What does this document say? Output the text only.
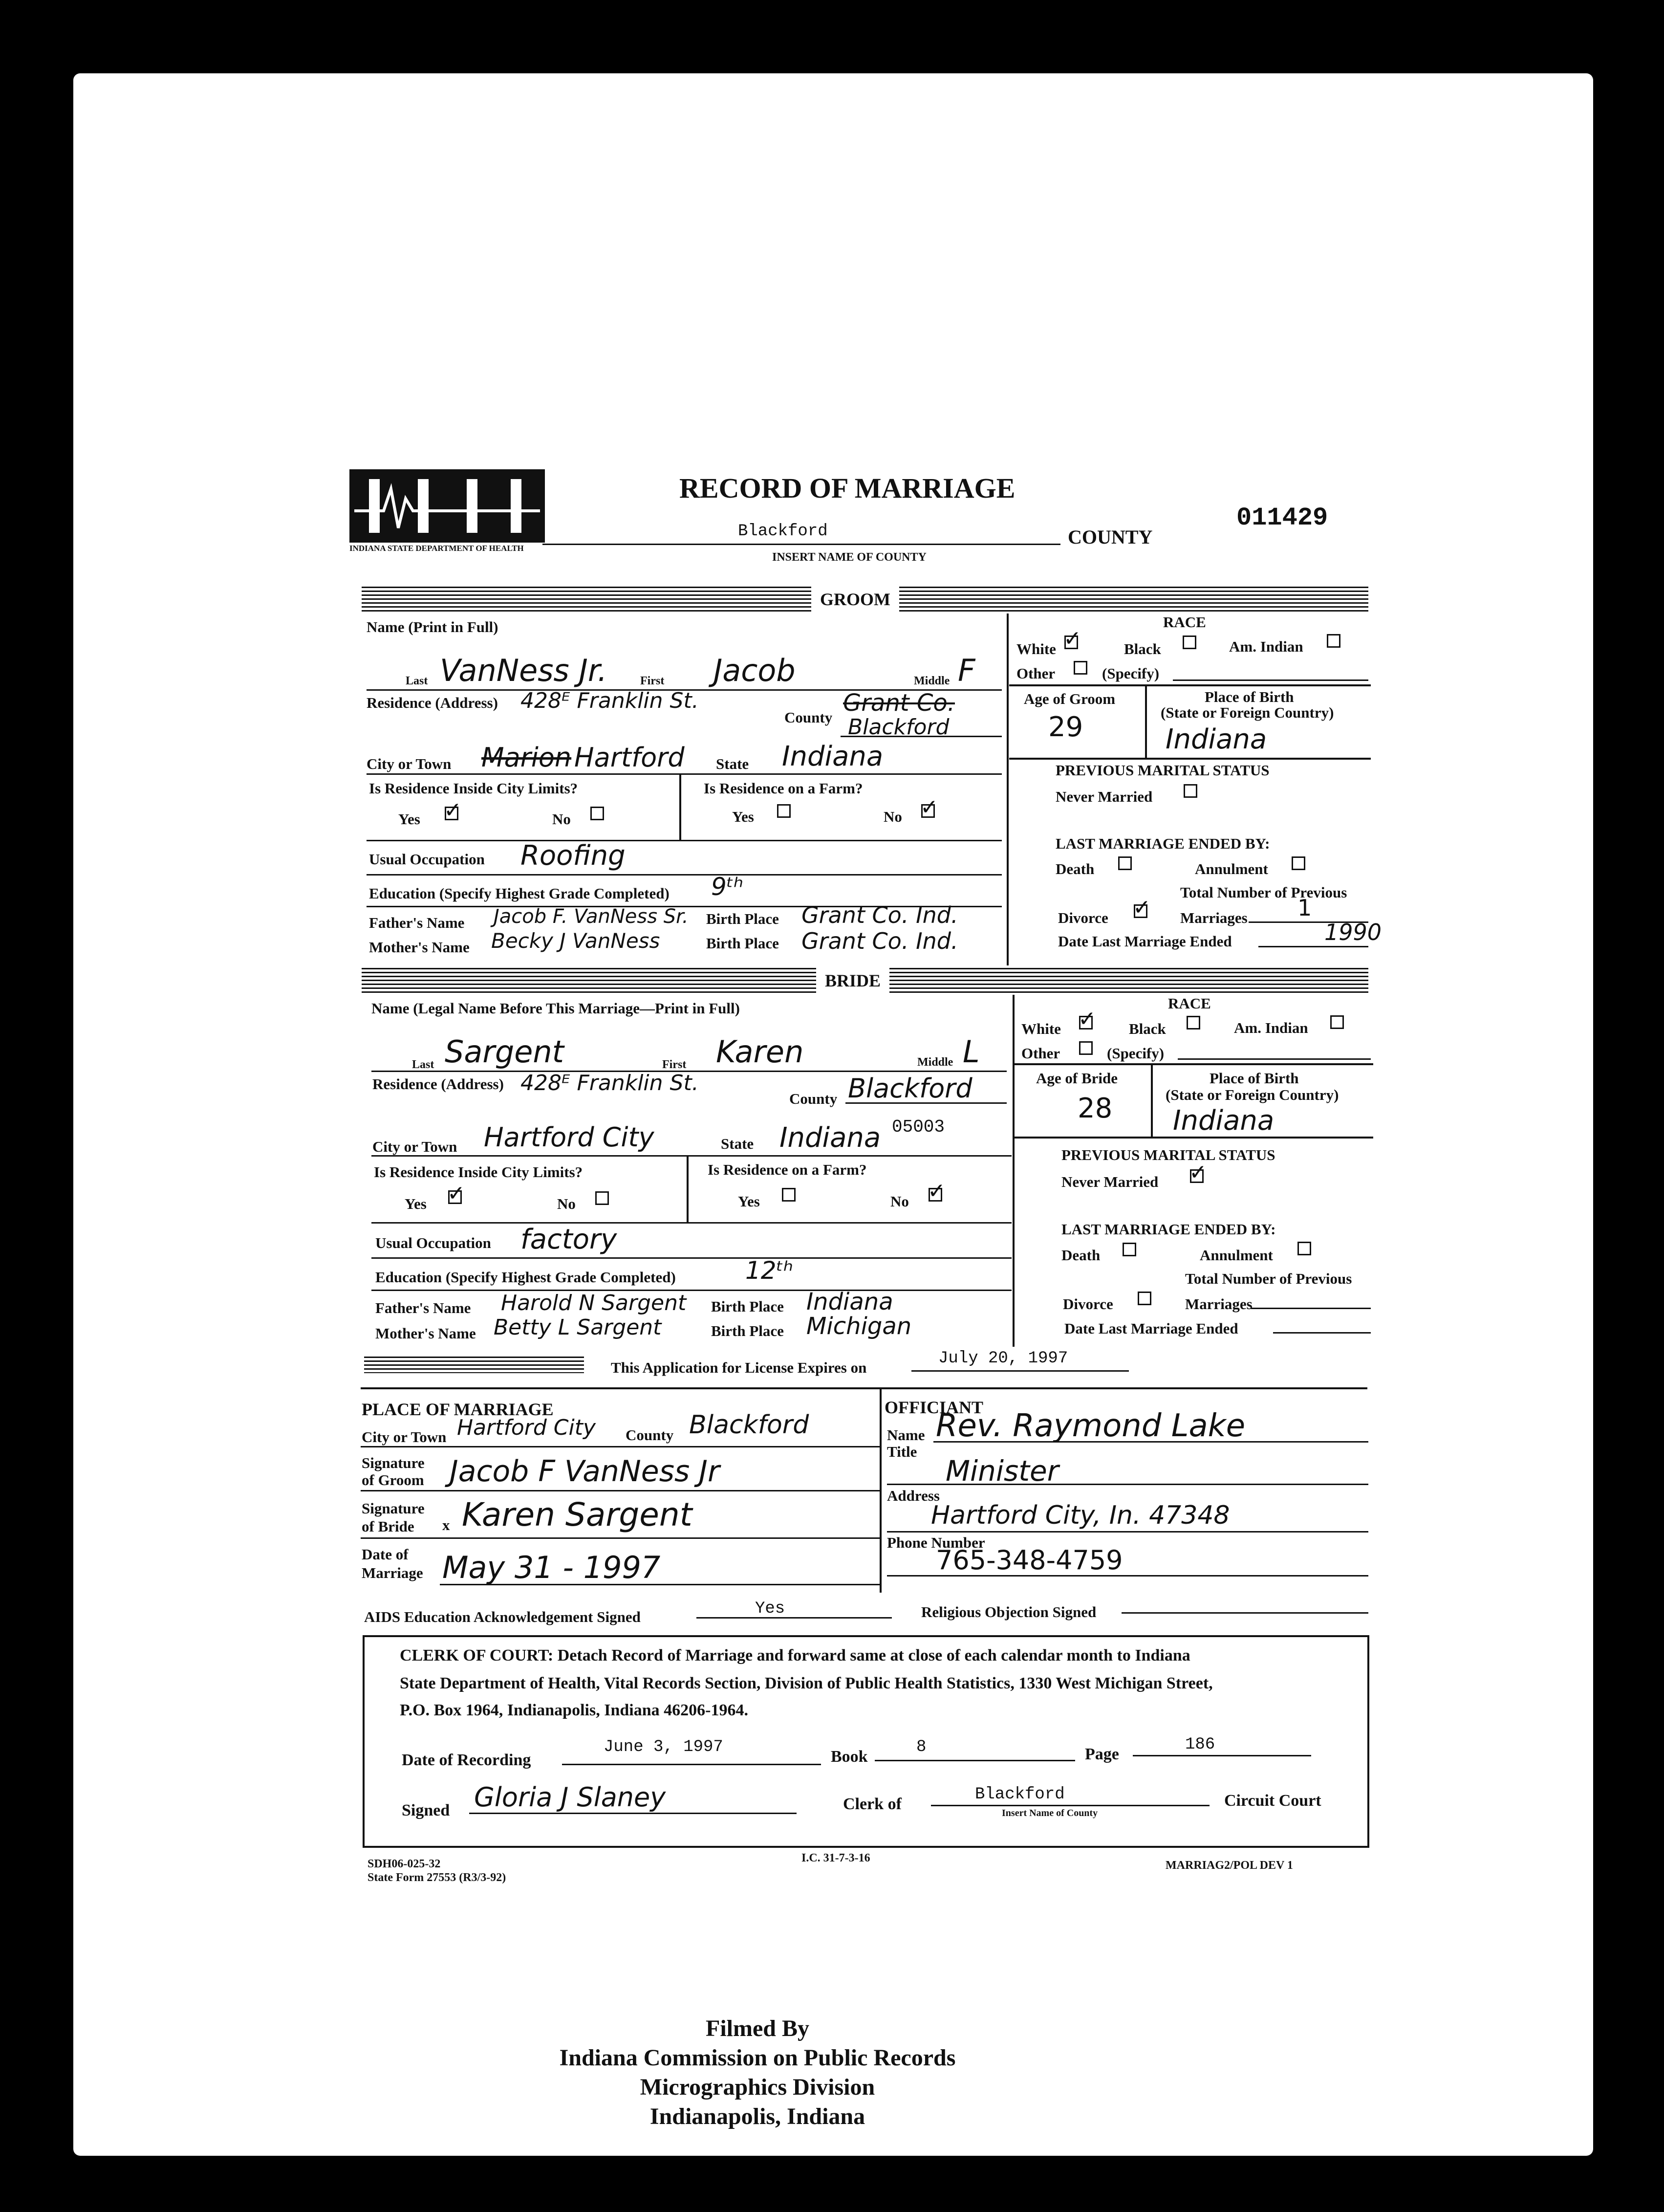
INDIANA STATE DEPARTMENT OF HEALTH
RECORD OF MARRIAGE
Blackford	COUNTY
INSERT NAME OF COUNTY
011429
GROOM
Name (Print in Full)
Last VanNess Jr.	First Jacob	Middle F
Residence (Address) 428ᴱ Franklin St.
County
Grant Co.
Blackford
City or Town Marion Hartford State Indiana
Is Residence Inside City Limits?	Is Residence on a Farm?
Yes ✓	No	Yes	No ✓
Usual Occupation Roofing
Education (Specify Highest Grade Completed) 9ᵗʰ
Father's Name Jacob F. VanNess Sr. Birth Place Grant Co. Ind.
Mother's Name Becky J VanNess	Birth Place Grant Co. Ind.
RACE
White ✓	Black	Am. Indian
Other	(Specify)
Age of Groom
29
Place of Birth
(State or Foreign Country)
Indiana
PREVIOUS MARITAL STATUS
Never Married
LAST MARRIAGE ENDED BY:
Death	Annulment
Total Number of Previous
Divorce ✓ Marriages 1
Date Last Marriage Ended	1990
BRIDE
Name (Legal Name Before This Marriage—Print in Full)
Last Sargent	First Karen	Middle L
Residence (Address) 428ᴱ Franklin St.
County Blackford
City or Town Hartford City	State Indiana 05003
Is Residence Inside City Limits?	Is Residence on a Farm?
Yes ✓	No	Yes	No ✓
Usual Occupation factory
Education (Specify Highest Grade Completed)	12ᵗʰ
Father's Name Harold N Sargent Birth Place Indiana
Mother's Name Betty L Sargent	Birth Place Michigan
RACE
White ✓ Black	Am. Indian
Other	(Specify)
Age of Bride
28
Place of Birth
(State or Foreign Country)
Indiana
PREVIOUS MARITAL STATUS
Never Married ✓
LAST MARRIAGE ENDED BY:
Death	Annulment
Total Number of Previous
Divorce	Marriages
Date Last Marriage Ended
This Application for License Expires on	July 20, 1997
PLACE OF MARRIAGE
City or Town Hartford City County Blackford
Signature
of Groom Jacob F VanNess Jr
Signature
of Bride x Karen Sargent
Date of
Marriage May 31 - 1997
OFFICIANT
Name Rev. Raymond Lake
Title
Minister
Address
Hartford City, In. 47348
Phone Number
765-348-4759
AIDS Education Acknowledgement Signed	Yes	Religious Objection Signed
CLERK OF COURT: Detach Record of Marriage and forward same at close of each calendar month to Indiana
State Department of Health, Vital Records Section, Division of Public Health Statistics, 1330 West Michigan Street,
P.O. Box 1964, Indianapolis, Indiana 46206-1964.
Date of Recording
June 3, 1997
Book
8	Page
186
Signed Gloria J Slaney	Clerk of
Blackford
Insert Name of County
Circuit Court
SDH06-025-32
State Form 27553 (R3/3-92)
I.C. 31-7-3-16
MARRIAG2/POL DEV 1
Filmed By
Indiana Commission on Public Records
Micrographics Division
Indianapolis, Indiana
